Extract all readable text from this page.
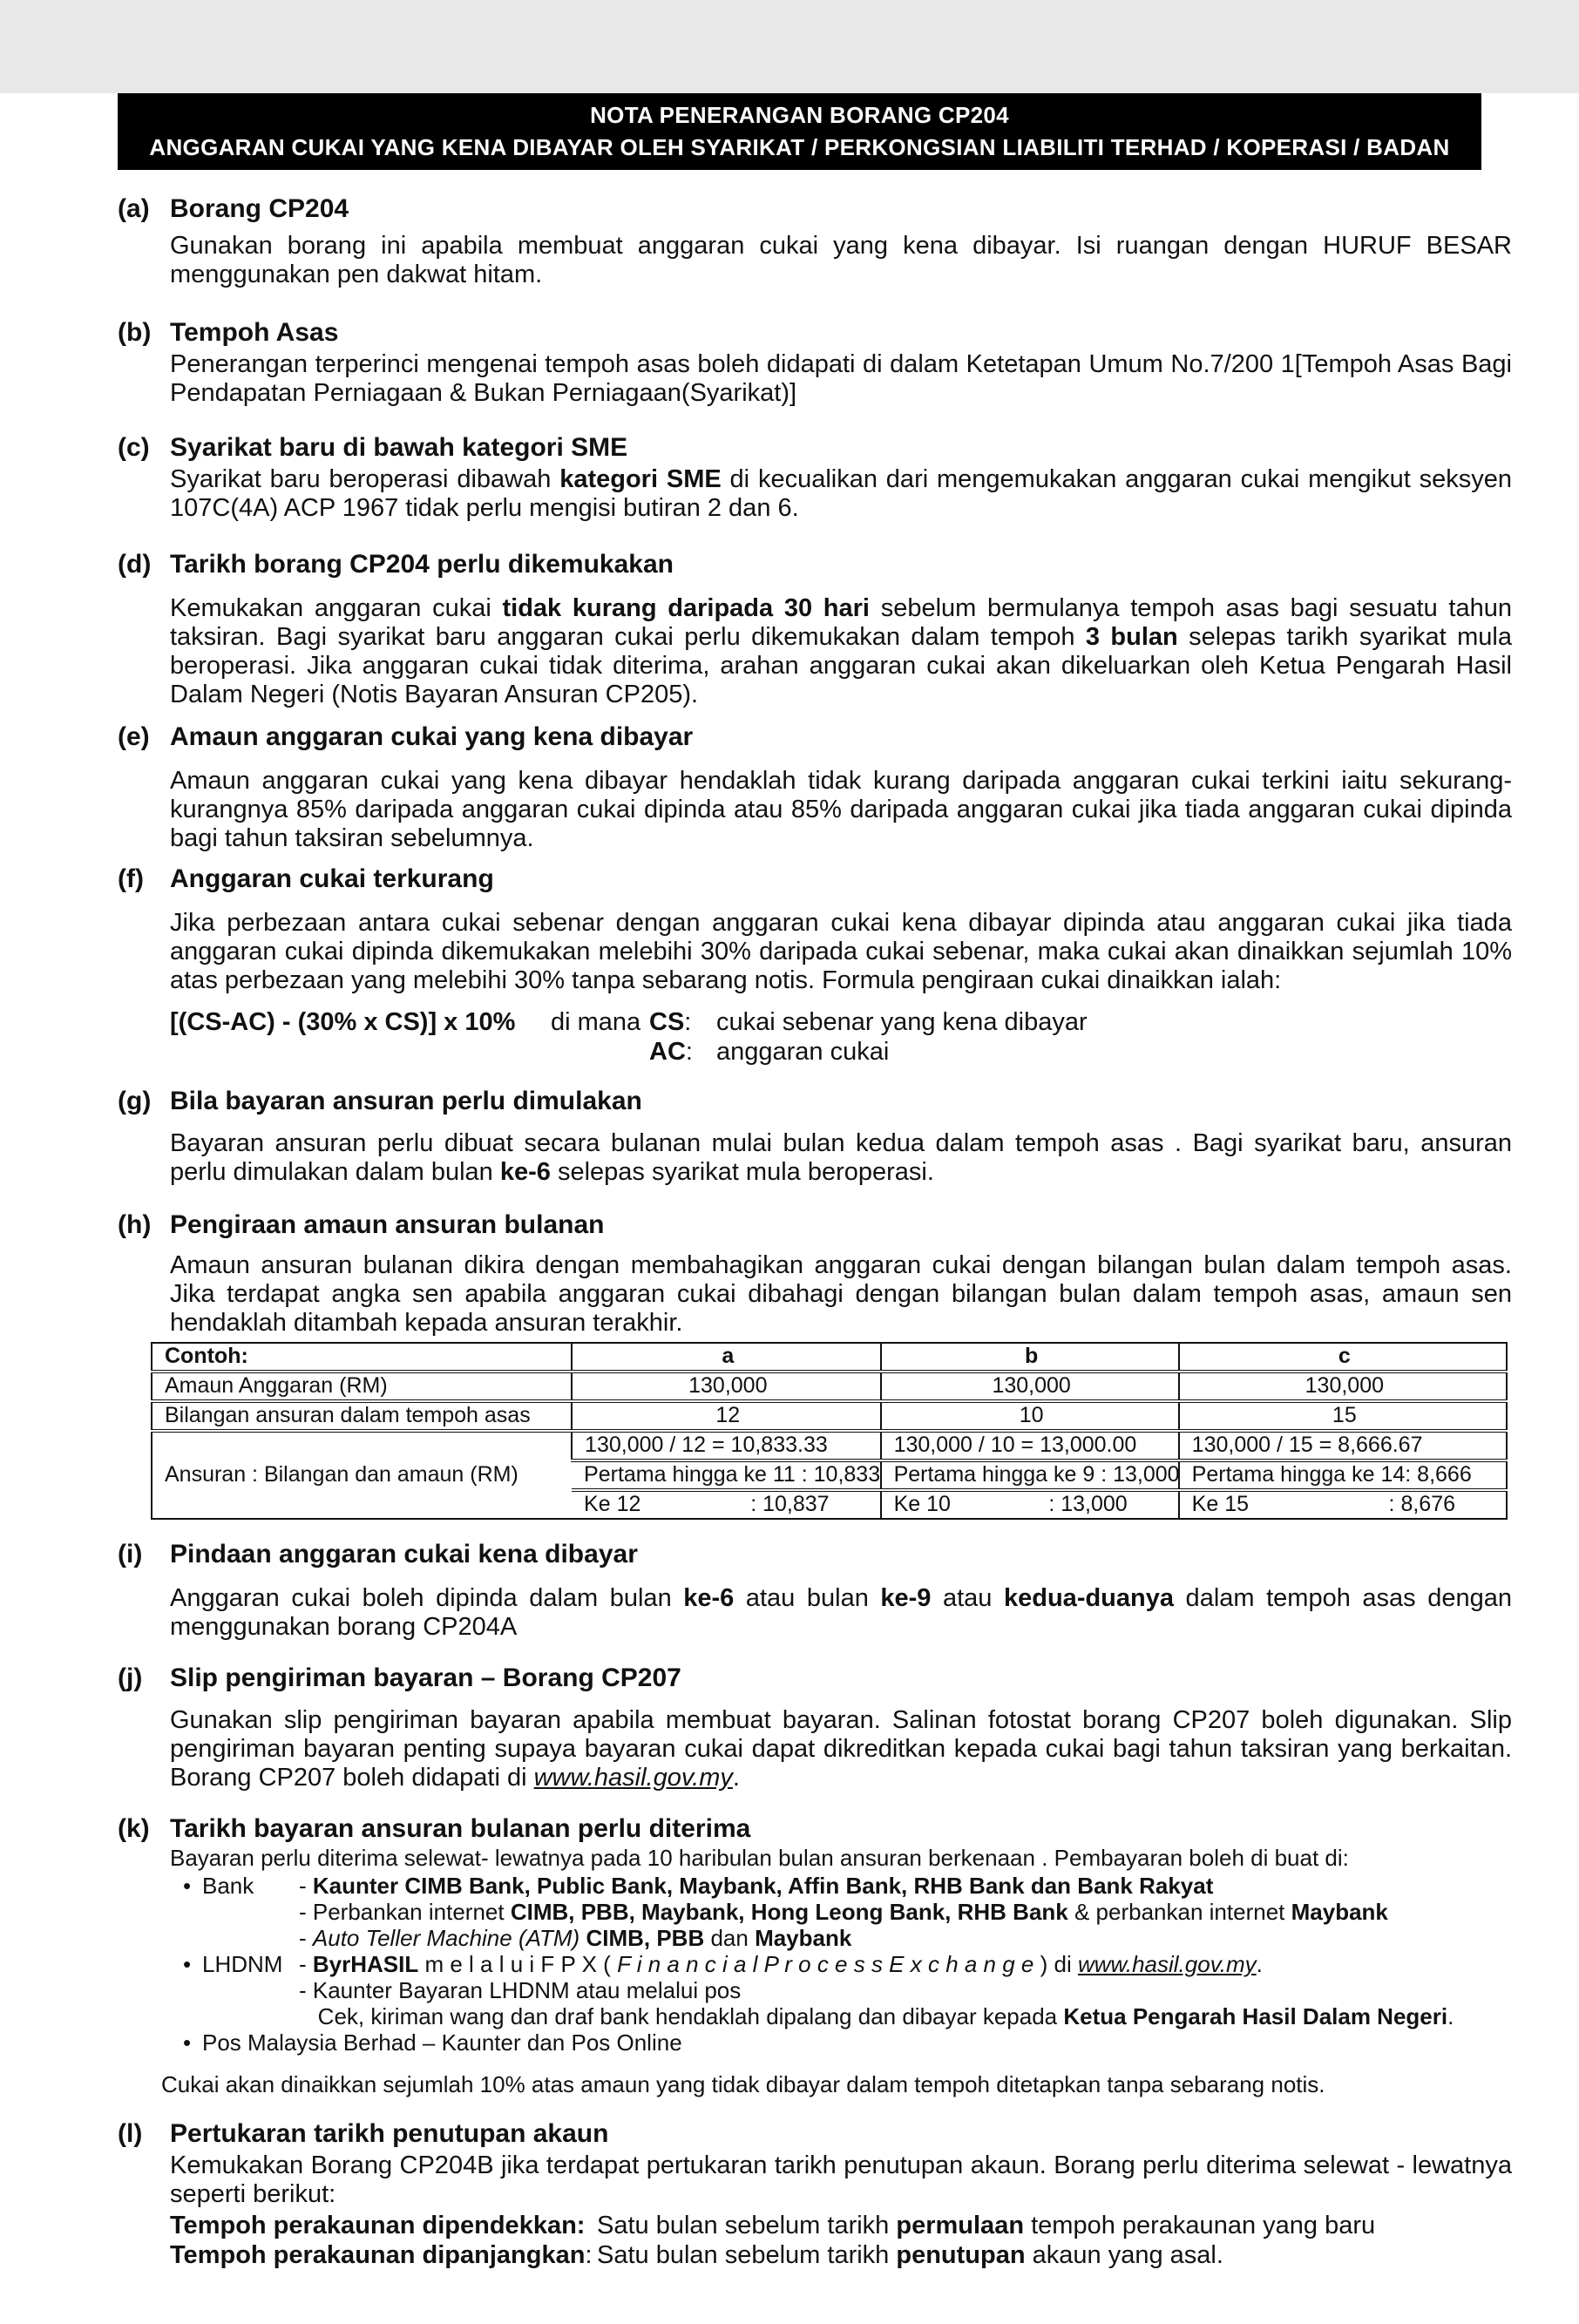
NOTA PENERANGAN BORANG CP204
ANGGARAN CUKAI YANG KENA DIBAYAR OLEH SYARIKAT / PERKONGSIAN LIABILITI TERHAD / KOPERASI / BADAN AMANAH
(a) Borang CP204

Gunakan borang ini apabila membuat anggaran cukai yang kena dibayar. Isi ruangan dengan HURUF BESAR menggunakan pen dakwat hitam.

(b) Tempoh Asas

Penerangan terperinci mengenai tempoh asas boleh didapati di dalam Ketetapan Umum No.7/200 1[Tempoh Asas Bagi Pendapatan Perniagaan & Bukan Perniagaan(Syarikat)]

(c) Syarikat baru di bawah kategori SME

Syarikat baru beroperasi dibawah kategori SME di kecualikan dari mengemukakan anggaran cukai mengikut seksyen 107C(4A) ACP 1967 tidak perlu mengisi butiran 2 dan 6.

(d) Tarikh borang CP204 perlu dikemukakan

Kemukakan anggaran cukai tidak kurang daripada 30 hari sebelum bermulanya tempoh asas bagi sesuatu tahun taksiran. Bagi syarikat baru anggaran cukai perlu dikemukakan dalam tempoh 3 bulan selepas tarikh syarikat mula beroperasi. Jika anggaran cukai tidak diterima, arahan anggaran cukai akan dikeluarkan oleh Ketua Pengarah Hasil Dalam Negeri (Notis Bayaran Ansuran CP205).

(e) Amaun anggaran cukai yang kena dibayar

Amaun anggaran cukai yang kena dibayar hendaklah tidak kurang daripada anggaran cukai terkini iaitu sekurang-kurangnya 85% daripada anggaran cukai dipinda atau 85% daripada anggaran cukai jika tiada anggaran cukai dipinda bagi tahun taksiran sebelumnya.

(f)	Anggaran cukai terkurang

Jika perbezaan antara cukai sebenar dengan anggaran cukai kena dibayar dipinda atau anggaran cukai jika tiada anggaran cukai dipinda dikemukakan melebihi 30% daripada cukai sebenar, maka cukai akan dinaikkan sejumlah 10% atas perbezaan yang melebihi 30% tanpa sebarang notis. Formula pengiraan cukai dinaikkan ialah:

[(CS-AC) - (30% x CS)] x 10%	di mana CS: cukai sebenar yang kena dibayar
AC: anggaran cukai
(g) Bila bayaran ansuran perlu dimulakan

Bayaran ansuran perlu dibuat secara bulanan mulai bulan kedua dalam tempoh asas . Bagi syarikat baru, ansuran perlu dimulakan dalam bulan ke-6 selepas syarikat mula beroperasi.

(h) Pengiraan amaun ansuran bulanan

Amaun ansuran bulanan dikira dengan membahagikan anggaran cukai dengan bilangan bulan dalam tempoh asas. Jika terdapat angka sen apabila anggaran cukai dibahagi dengan bilangan bulan dalam tempoh asas, amaun sen hendaklah ditambah kepada ansuran terakhir.

Contoh:	a	b	c
Amaun Anggaran (RM)	130,000	130,000	130,000
Bilangan ansuran dalam tempoh asas	12	10	15
Ansuran : Bilangan dan amaun (RM)	130,000 / 12 = 10,833.33	130,000 / 10 = 13,000.00	130,000 / 15 = 8,666.67
	Pertama hingga ke 11 : 10,833	Pertama hingga ke 9 : 13,000	Pertama hingga ke 14: 8,666

	Ke 12 : 10,837	Ke 10 : 13,000	Ke 15 : 8,676
(i)	Pindaan anggaran cukai kena dibayar

Anggaran cukai boleh dipinda dalam bulan ke-6 atau bulan ke-9 atau kedua-duanya dalam tempoh asas dengan menggunakan borang CP204A

(j)	Slip pengiriman bayaran – Borang CP207

Gunakan slip pengiriman bayaran apabila membuat bayaran. Salinan fotostat borang CP207 boleh digunakan. Slip pengiriman bayaran penting supaya bayaran cukai dapat dikreditkan kepada cukai bagi tahun taksiran yang berkaitan. Borang CP207 boleh didapati di www.hasil.gov.my.

(k) Tarikh bayaran ansuran bulanan perlu diterima

Bayaran perlu diterima selewat- lewatnya pada 10 haribulan bulan ansuran berkenaan . Pembayaran boleh di buat di:

• Bank	- Kaunter CIMB Bank, Public Bank, Maybank, Affin Bank, RHB Bank dan Bank Rakyat

- Perbankan internet CIMB, PBB, Maybank, Hong Leong Bank, RHB Bank & perbankan internet Maybank

- Auto Teller Machine (ATM) CIMB, PBB dan Maybank

• LHDNM - ByrHASIL m e l a l u i F P X ( F i n a n c i a l P r o c e s s E x c h a n g e ) di www.hasil.gov.my.

- Kaunter Bayaran LHDNM atau melalui pos

Cek, kiriman wang dan draf bank hendaklah dipalang dan dibayar kepada Ketua Pengarah Hasil Dalam Negeri.

• Pos Malaysia Berhad – Kaunter dan Pos Online

Cukai akan dinaikkan sejumlah 10% atas amaun yang tidak dibayar dalam tempoh ditetapkan tanpa sebarang notis.

(l)	Pertukaran tarikh penutupan akaun

Kemukakan Borang CP204B jika terdapat pertukaran tarikh penutupan akaun. Borang perlu diterima selewat - lewatnya seperti berikut:

Tempoh perakaunan dipendekkan: Satu bulan sebelum tarikh permulaan tempoh perakaunan yang baru
Tempoh perakaunan dipanjangkan: Satu bulan sebelum tarikh penutupan akaun yang asal.
